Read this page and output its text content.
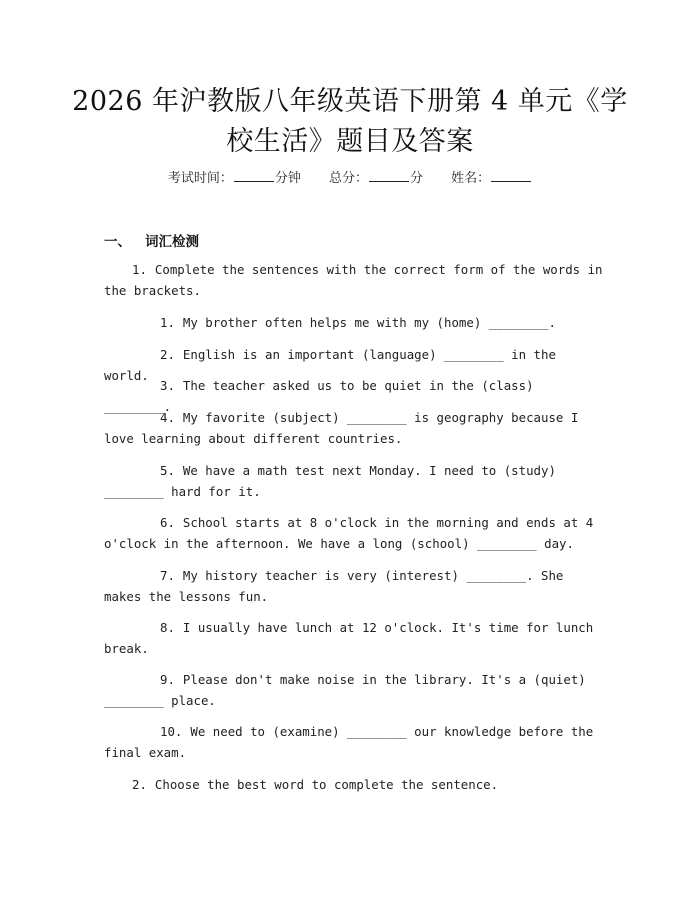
2026 年沪教版八年级英语下册第 4 单元《学校生活》题目及答案
考试时间：	分钟 总分：	分 姓名：
一、 词汇检测

1. Complete the sentences with the correct form of the words in the brackets.

1. My brother often helps me with my (home) ________.

2. English is an important (language) ________ in the world.

3. The teacher asked us to be quiet in the (class) ________.

4. My favorite (subject) ________ is geography because I love learning about different countries.

5. We have a math test next Monday. I need to (study) ________ hard for it.

6. School starts at 8 o'clock in the morning and ends at 4 o'clock in the afternoon. We have a long (school) ________ day.

7. My history teacher is very (interest) ________. She makes the lessons fun.

8. I usually have lunch at 12 o'clock. It's time for lunch break.

9. Please don't make noise in the library. It's a (quiet) ________ place.

10. We need to (examine) ________ our knowledge before the final exam.

2. Choose the best word to complete the sentence.
